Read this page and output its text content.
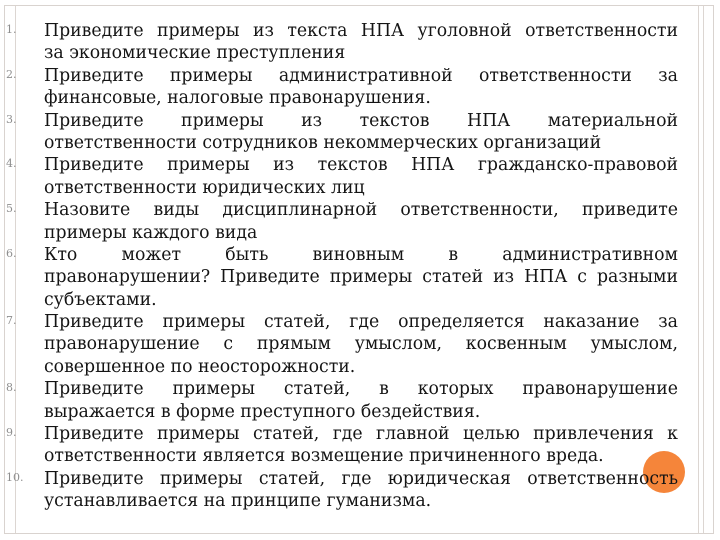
1.	Приведите примеры из текста НПА уголовной ответственности
за экономические преступления
2.	Приведите примеры административной ответственности за
финансовые, налоговые правонарушения.
3.	Приведите примеры из текстов НПА материальной
ответственности сотрудников некоммерческих организаций
4.	Приведите примеры из текстов НПА гражданско-правовой
ответственности юридических лиц
5.	Назовите виды дисциплинарной ответственности, приведите
примеры каждого вида
6.	Кто может быть виновным в административном
правонарушении? Приведите примеры статей из НПА с разными
субъектами.
7.	Приведите примеры статей, где определяется наказание за
правонарушение с прямым умыслом, косвенным умыслом,
совершенное по неосторожности.
8.	Приведите примеры статей, в которых правонарушение
выражается в форме преступного бездействия.
9.	Приведите примеры статей, где главной целью привлечения к
ответственности является возмещение причиненного вреда.
10.	Приведите примеры статей, где юридическая ответственность
устанавливается на принципе гуманизма.
